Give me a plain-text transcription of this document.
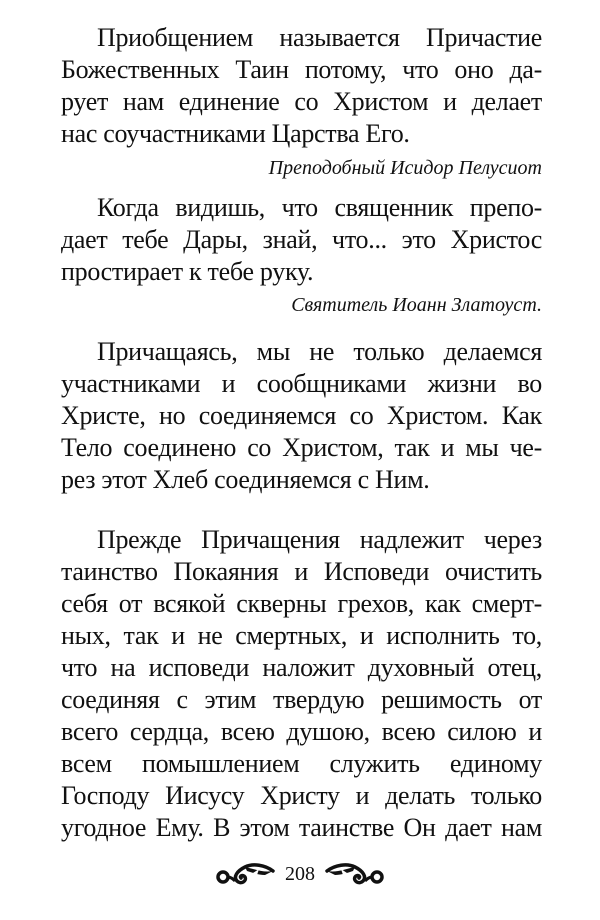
Приобщением называется Причастие
Божественных Таин потому, что оно да-
рует нам единение со Христом и делает
нас соучастниками Царства Его.
Преподобный Исидор Пелусиот
Когда видишь, что священник препо-
дает тебе Дары, знай, что... это Христос
простирает к тебе руку.
Святитель Иоанн Златоуст.
Причащаясь, мы не только делаемся
участниками и сообщниками жизни во
Христе, но соединяемся со Христом. Как
Тело соединено со Христом, так и мы че-
рез этот Хлеб соединяемся с Ним.
Прежде Причащения надлежит через
таинство Покаяния и Исповеди очистить
себя от всякой скверны грехов, как смерт-
ных, так и не смертных, и исполнить то,
что на исповеди наложит духовный отец,
соединяя с этим твердую решимость от
всего сердца, всею душою, всею силою и
всем помышлением служить единому
Господу Иисусу Христу и делать только
угодное Ему. В этом таинстве Он дает нам
208
